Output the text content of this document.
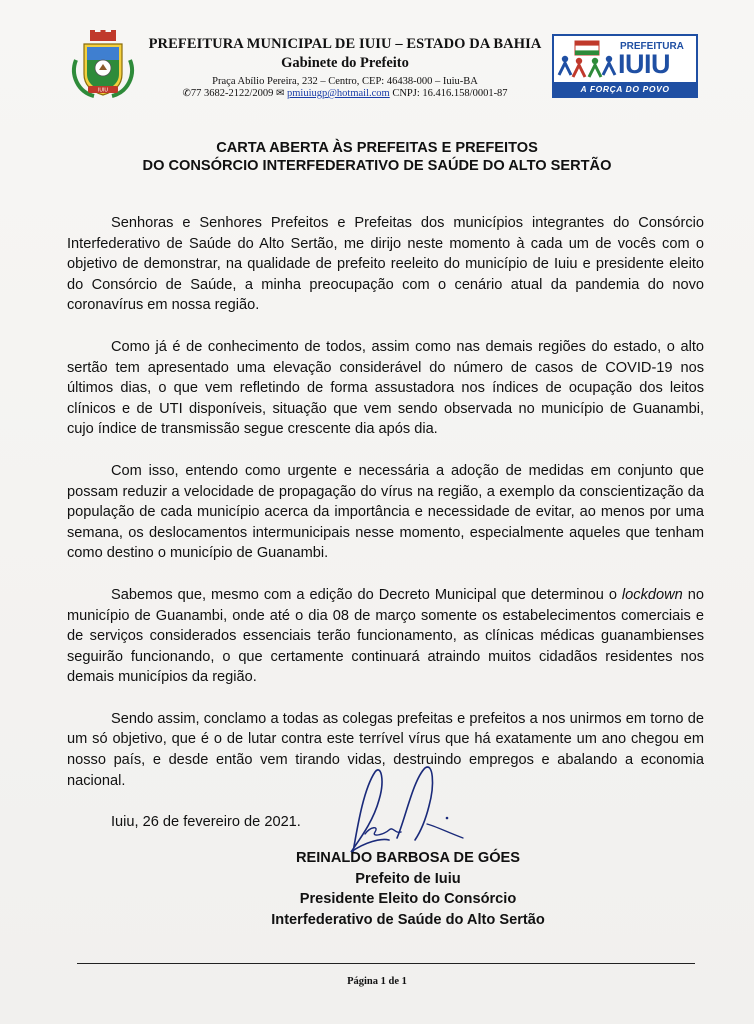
IUIU
PREFEITURA MUNICIPAL DE IUIU – ESTADO DA BAHIA
Gabinete do Prefeito
Praça Abílio Pereira, 232 – Centro, CEP: 46438-000 – Iuiu-BA
✆77 3682-2122/2009 ✉ pmiuiugp@hotmail.com CNPJ: 16.416.158/0001-87
PREFEITURA
IUIU
A FORÇA DO POVO
CARTA ABERTA ÀS PREFEITAS E PREFEITOS
DO CONSÓRCIO INTERFEDERATIVO DE SAÚDE DO ALTO SERTÃO

Senhoras e Senhores Prefeitos e Prefeitas dos municípios integrantes do Consórcio Interfederativo de Saúde do Alto Sertão, me dirijo neste momento à cada um de vocês com o objetivo de demonstrar, na qualidade de prefeito reeleito do município de Iuiu e presidente eleito do Consórcio de Saúde, a minha preocupação com o cenário atual da pandemia do novo coronavírus em nossa região.

Como já é de conhecimento de todos, assim como nas demais regiões do estado, o alto sertão tem apresentado uma elevação considerável do número de casos de COVID-19 nos últimos dias, o que vem refletindo de forma assustadora nos índices de ocupação dos leitos clínicos e de UTI disponíveis, situação que vem sendo observada no município de Guanambi, cujo índice de transmissão segue crescente dia após dia.

Com isso, entendo como urgente e necessária a adoção de medidas em conjunto que possam reduzir a velocidade de propagação do vírus na região, a exemplo da conscientização da população de cada município acerca da importância e necessidade de evitar, ao menos por uma semana, os deslocamentos intermunicipais nesse momento, especialmente aqueles que tenham como destino o município de Guanambi.

Sabemos que, mesmo com a edição do Decreto Municipal que determinou o lockdown no município de Guanambi, onde até o dia 08 de março somente os estabelecimentos comerciais e de serviços considerados essenciais terão funcionamento, as clínicas médicas guanambienses seguirão funcionando, o que certamente continuará atraindo muitos cidadãos residentes nos demais municípios da região.

Sendo assim, conclamo a todas as colegas prefeitas e prefeitos a nos unirmos em torno de um só objetivo, que é o de lutar contra este terrível vírus que há exatamente um ano chegou em nosso país, e desde então vem tirando vidas, destruindo empregos e abalando a economia nacional.

Iuiu, 26 de fevereiro de 2021.

REINALDO BARBOSA DE GÓES
Prefeito de Iuiu
Presidente Eleito do Consórcio
Interfederativo de Saúde do Alto Sertão
Página 1 de 1
